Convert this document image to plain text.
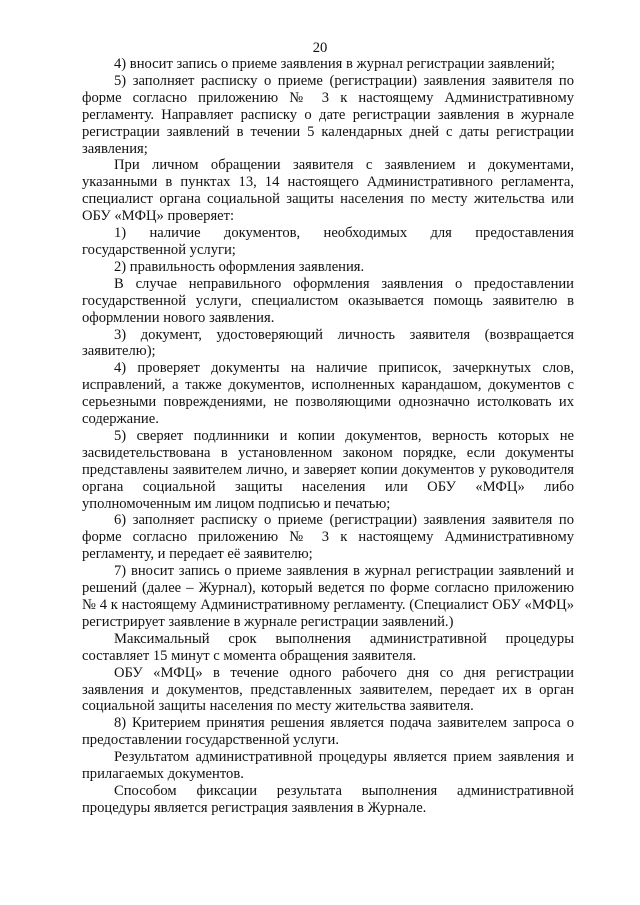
20

4) вносит запись о приеме заявления в журнал регистрации заявлений;

5) заполняет расписку о приеме (регистрации) заявления заявителя по форме согласно приложению № 3 к настоящему Административному регламенту. Направляет расписку о дате регистрации заявления в журнале регистрации заявлений в течении 5 календарных дней с даты регистрации заявления;

При личном обращении заявителя с заявлением и документами, указанными в пунктах 13, 14 настоящего Административного регламента, специалист органа социальной защиты населения по месту жительства или ОБУ «МФЦ» проверяет:

1) наличие документов, необходимых для предоставления государственной услуги;

2) правильность оформления заявления.

В случае неправильного оформления заявления о предоставлении государственной услуги, специалистом оказывается помощь заявителю в оформлении нового заявления.

3) документ, удостоверяющий личность заявителя (возвращается заявителю);

4) проверяет документы на наличие приписок, зачеркнутых слов, исправлений, а также документов, исполненных карандашом, документов с серьезными повреждениями, не позволяющими однозначно истолковать их содержание.

5) сверяет подлинники и копии документов, верность которых не засвидетельствована в установленном законом порядке, если документы представлены заявителем лично, и заверяет копии документов у руководителя органа социальной защиты населения или ОБУ «МФЦ» либо уполномоченным им лицом подписью и печатью;

6) заполняет расписку о приеме (регистрации) заявления заявителя по форме согласно приложению № 3 к настоящему Административному регламенту, и передает её заявителю;

7) вносит запись о приеме заявления в журнал регистрации заявлений и решений (далее – Журнал), который ведется по форме согласно приложению № 4 к настоящему Административному регламенту. (Специалист ОБУ «МФЦ» регистрирует заявление в журнале регистрации заявлений.)

Максимальный срок выполнения административной процедуры составляет 15 минут с момента обращения заявителя.

ОБУ «МФЦ» в течение одного рабочего дня со дня регистрации заявления и документов, представленных заявителем, передает их в орган социальной защиты населения по месту жительства заявителя.

8) Критерием принятия решения является подача заявителем запроса о предоставлении государственной услуги.

Результатом административной процедуры является прием заявления и прилагаемых документов.

Способом фиксации результата выполнения административной процедуры является регистрация заявления в Журнале.
